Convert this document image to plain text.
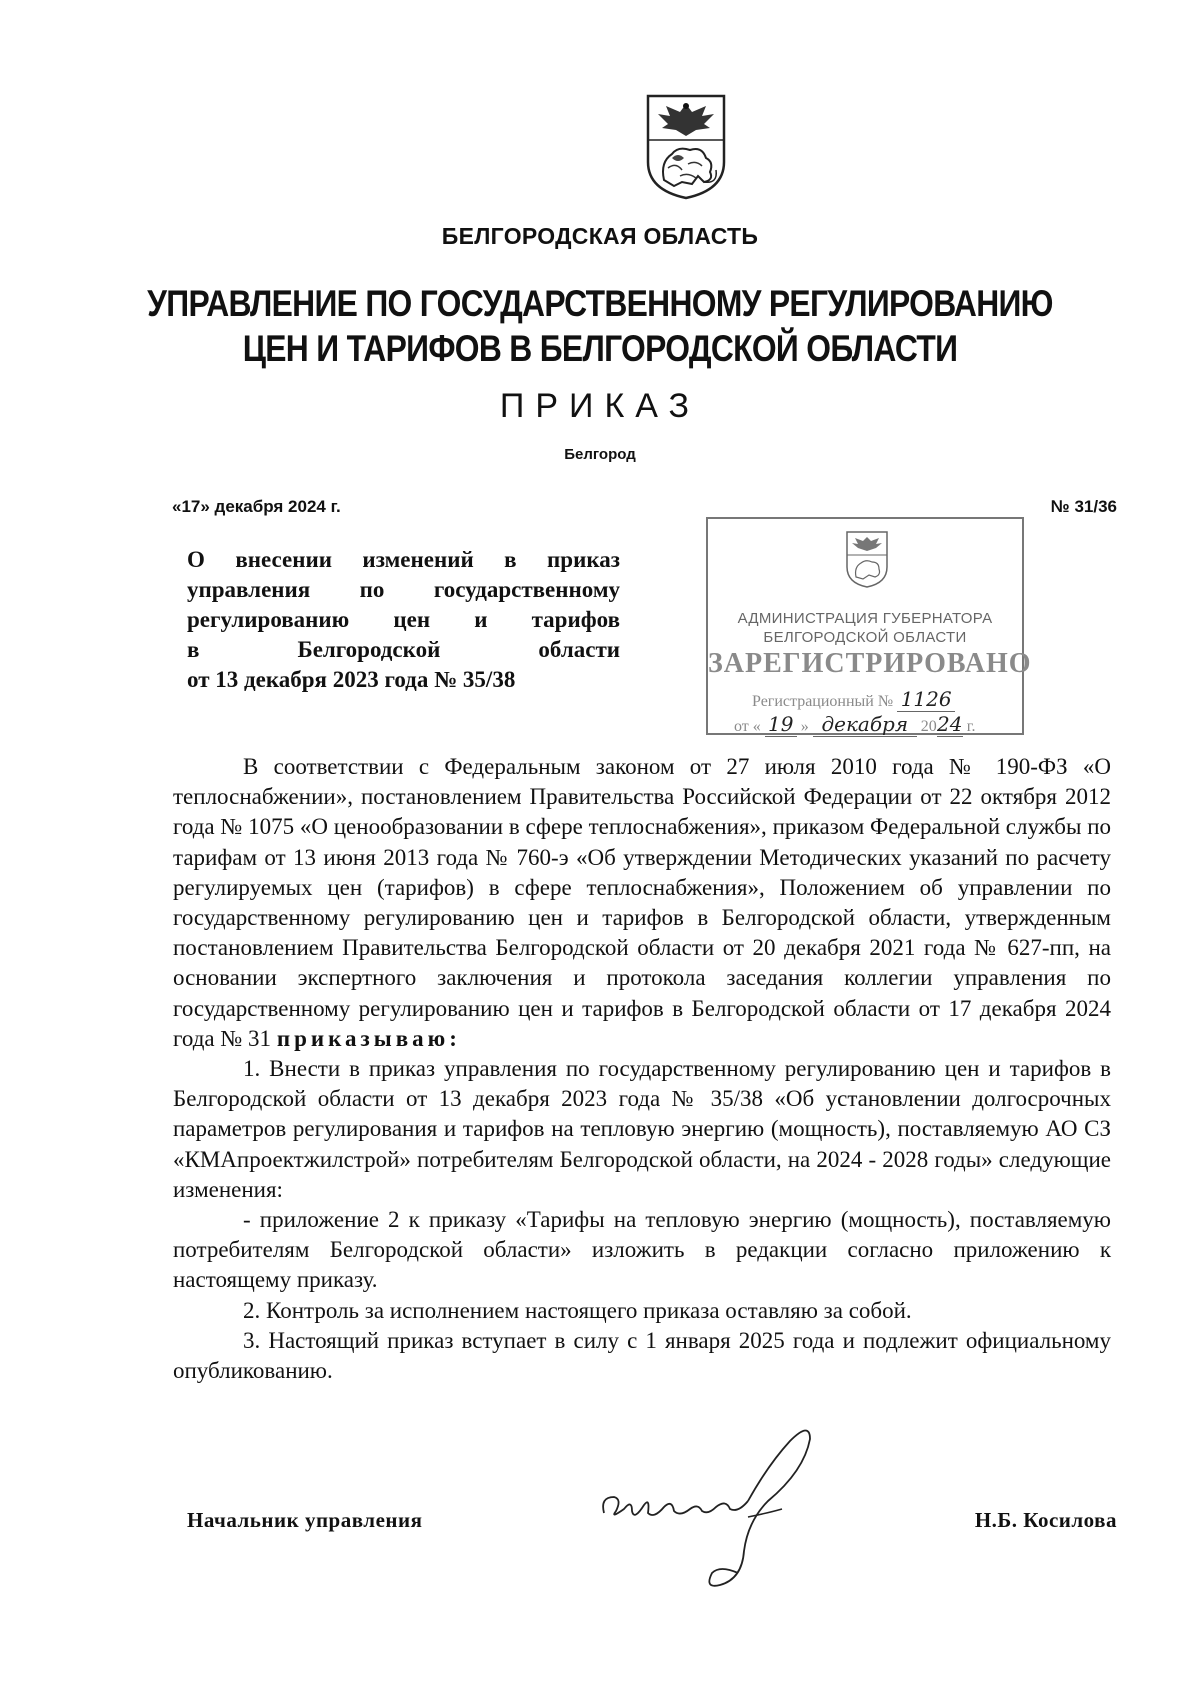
БЕЛГОРОДСКАЯ ОБЛАСТЬ
УПРАВЛЕНИЕ ПО ГОСУДАРСТВЕННОМУ РЕГУЛИРОВАНИЮ
ЦЕН И ТАРИФОВ В БЕЛГОРОДСКОЙ ОБЛАСТИ
ПРИКАЗ
Белгород
«17» декабря 2024 г.	№ 31/36
О внесении изменений в приказ
управления по государственному
регулированию цен и тарифов
в Белгородской области
от 13 декабря 2023 года № 35/38
АДМИНИСТРАЦИЯ ГУБЕРНАТОРА
БЕЛГОРОДСКОЙ ОБЛАСТИ
ЗАРЕГИСТРИРОВАНО
Регистрационный № 1126
от « 19 » декабря 2024 г.

В соответствии с Федеральным законом от 27 июля 2010 года № 190-ФЗ «О теплоснабжении», постановлением Правительства Российской Федерации от 22 октября 2012 года № 1075 «О ценообразовании в сфере теплоснабжения», приказом Федеральной службы по тарифам от 13 июня 2013 года № 760-э «Об утверждении Методических указаний по расчету регулируемых цен (тарифов) в сфере теплоснабжения», Положением об управлении по государственному регулированию цен и тарифов в Белгородской области, утвержденным постановлением Правительства Белгородской области от 20 декабря 2021 года № 627-пп, на основании экспертного заключения и протокола заседания коллегии управления по государственному регулированию цен и тарифов в Белгородской области от 17 декабря 2024 года № 31 приказываю:

1. Внести в приказ управления по государственному регулированию цен и тарифов в Белгородской области от 13 декабря 2023 года № 35/38 «Об установлении долгосрочных параметров регулирования и тарифов на тепловую энергию (мощность), поставляемую АО СЗ «КМАпроектжилстрой» потребителям Белгородской области, на 2024 - 2028 годы» следующие изменения:

- приложение 2 к приказу «Тарифы на тепловую энергию (мощность), поставляемую потребителям Белгородской области» изложить в редакции согласно приложению к настоящему приказу.

2. Контроль за исполнением настоящего приказа оставляю за собой.

3. Настоящий приказ вступает в силу с 1 января 2025 года и подлежит официальному опубликованию.

Начальник управления	Н.Б. Косилова
